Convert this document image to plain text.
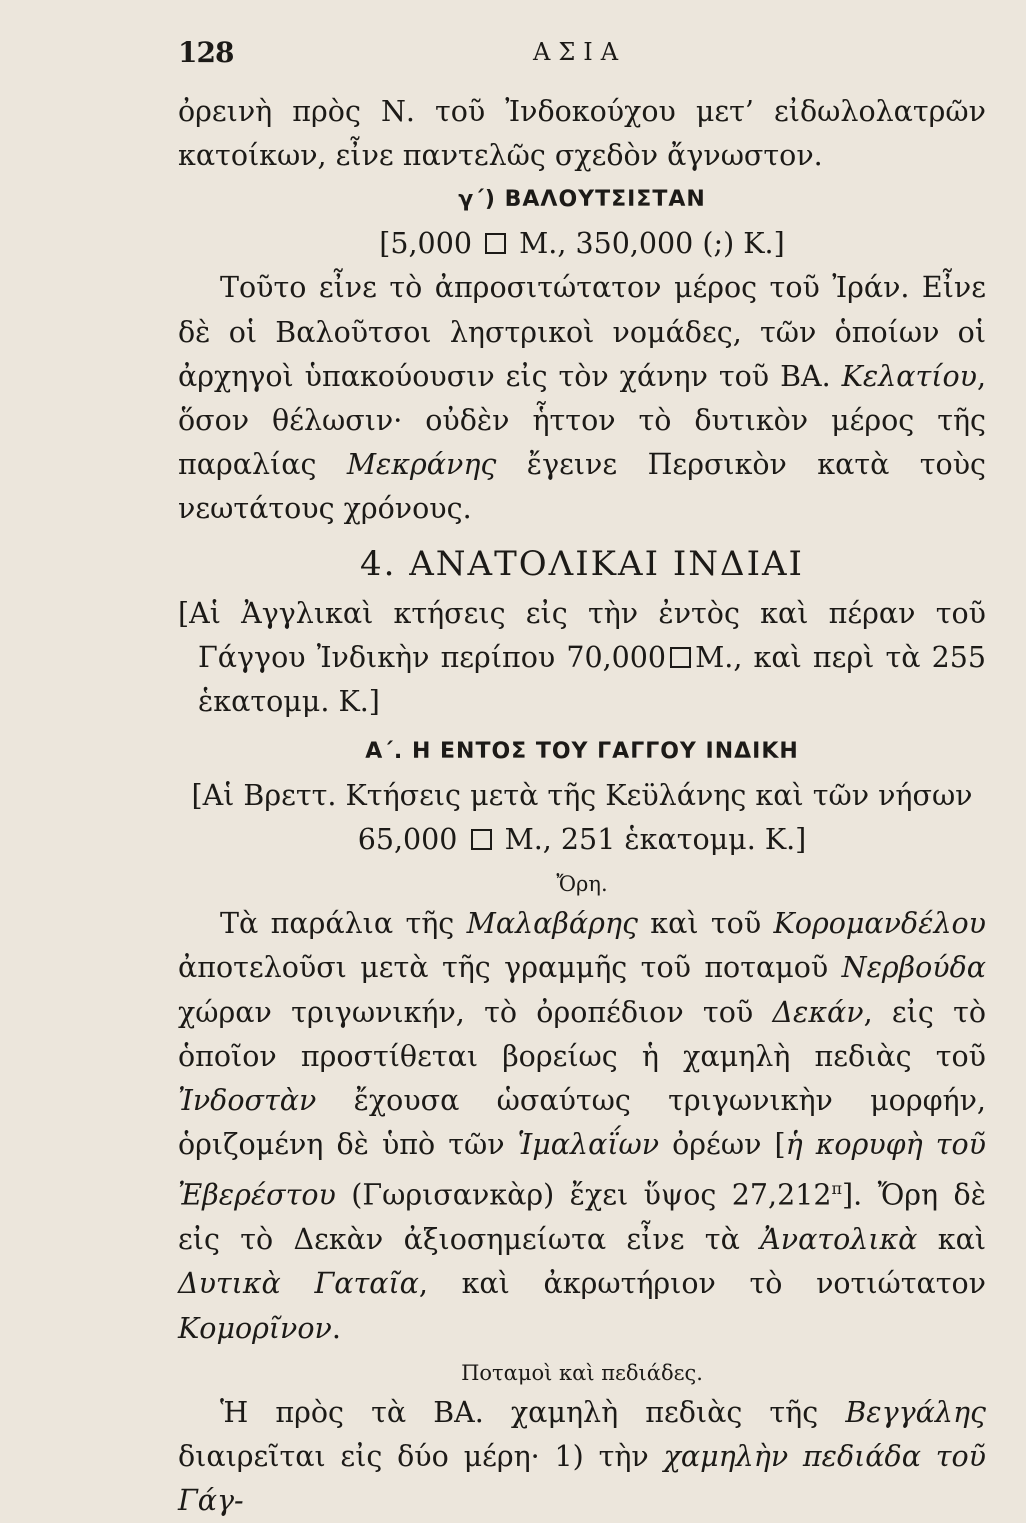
128	ΑΣΙΑ

ὀρεινὴ πρὸς Ν. τοῦ Ἰνδοκούχου μετ’ εἰδωλολατρῶν κατοίκων, εἶνε παντελῶς σχεδὸν ἄγνωστον.

γ΄) ΒΑΛΟΥΤΣΙΣΤΑΝ
[5,000 Μ., 350,000 (;) Κ.]

Τοῦτο εἶνε τὸ ἀπροσιτώτατον μέρος τοῦ Ἰράν. Εἶνε δὲ οἱ Βαλοῦτσοι ληστρικοὶ νομάδες, τῶν ὁποίων οἱ ἀρχηγοὶ ὑπακούουσιν εἰς τὸν χάνην τοῦ ΒΑ. Κελατίου, ὅσον θέλωσιν· οὐδὲν ἧττον τὸ δυτικὸν μέρος τῆς παραλίας Μεκράνης ἔγεινε Περσικὸν κατὰ τοὺς νεωτάτους χρόνους.

4. ΑΝΑΤΟΛΙΚΑΙ ΙΝΔΙΑΙ

[Αἱ Ἀγγλικαὶ κτήσεις εἰς τὴν ἐντὸς καὶ πέραν τοῦ Γάγγου Ἰνδικὴν περίπου 70,000 Μ., καὶ περὶ τὰ 255 ἑκατομμ. Κ.]

Α΄. Η ΕΝΤΟΣ ΤΟΥ ΓΑΓΓΟΥ ΙΝΔΙΚΗ
[Αἱ Βρεττ. Κτήσεις μετὰ τῆς Κεϋλάνης καὶ τῶν νήσων
65,000 Μ., 251 ἑκατομμ. Κ.]
Ὄρη.

Τὰ παράλια τῆς Μαλαβάρης καὶ τοῦ Κορομανδέλου ἀποτελοῦσι μετὰ τῆς γραμμῆς τοῦ ποταμοῦ Νερβούδα χώραν τριγωνικήν, τὸ ὀροπέδιον τοῦ Δεκάν, εἰς τὸ ὁποῖον προστίθεται βορείως ἡ χαμηλὴ πεδιὰς τοῦ Ἰνδοστὰν ἔχουσα ὡσαύτως τριγωνικὴν μορφήν, ὁριζομένη δὲ ὑπὸ τῶν Ἱμαλαΐων ὀρέων [ἡ κορυφὴ τοῦ Ἐβερέστου (Γωρισανκὰρ) ἔχει ὕψος $27,212^\pi$]. Ὄρη δὲ εἰς τὸ Δεκὰν ἀξιοσημείωτα εἶνε τὰ Ἀνατολικὰ καὶ Δυτικὰ Γαταῖα, καὶ ἀκρωτήριον τὸ νοτιώτατον Κομορῖνον.

Ποταμοὶ καὶ πεδιάδες.

Ἡ πρὸς τὰ ΒΑ. χαμηλὴ πεδιὰς τῆς Βεγγάλης διαιρεῖται εἰς δύο μέρη· 1) τὴν χαμηλὴν πεδιάδα τοῦ Γάγ-
